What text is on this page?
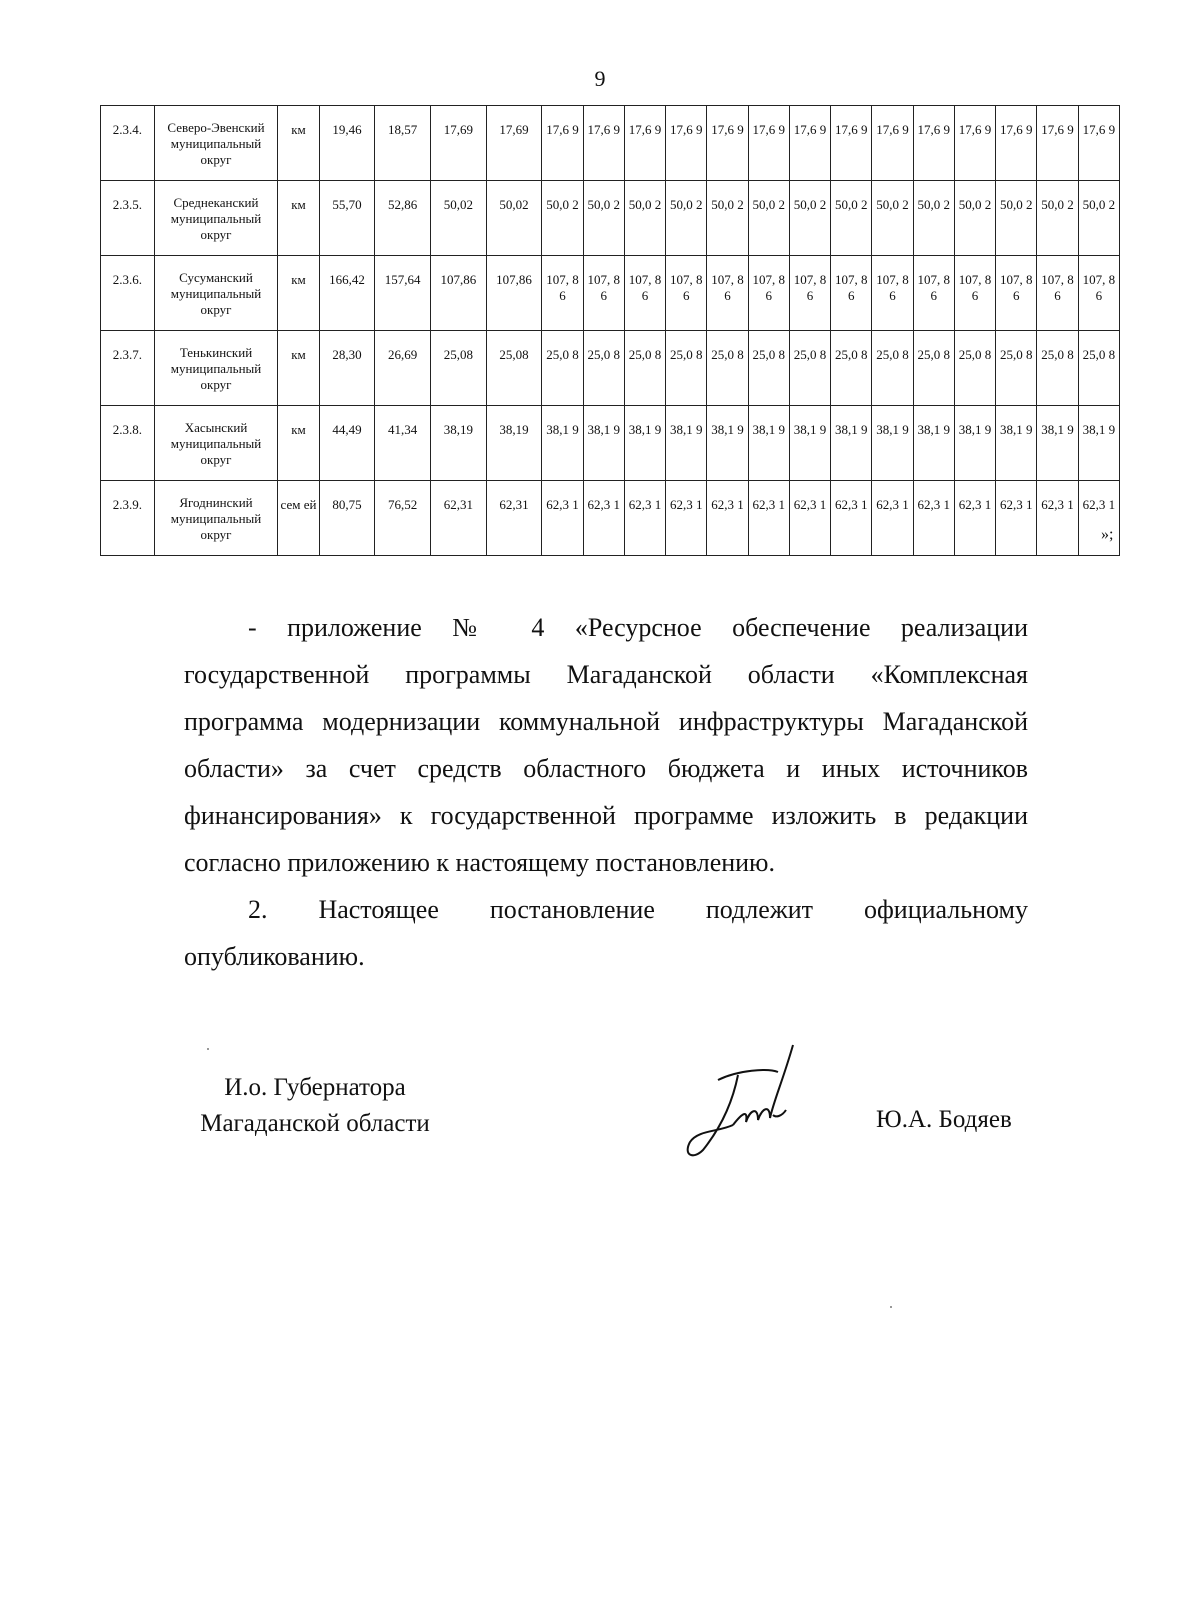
9
2.3.4.	Северо-Эвенский муниципальный округ	км	19,46	18,57	17,69	17,69	17,6 9	17,6 9	17,6 9	17,6 9	17,6 9	17,6 9	17,6 9	17,6 9	17,6 9	17,6 9	17,6 9	17,6 9	17,6 9	17,6 9
2.3.5.	Среднеканский муниципальный округ	км	55,70	52,86	50,02	50,02	50,0 2	50,0 2	50,0 2	50,0 2	50,0 2	50,0 2	50,0 2	50,0 2	50,0 2	50,0 2	50,0 2	50,0 2	50,0 2	50,0 2
2.3.6.	Сусуманский муниципальный округ	км	166,42	157,64	107,86	107,86	107, 86	107, 86	107, 86	107, 86	107, 86	107, 86	107, 86	107, 86	107, 86	107, 86	107, 86	107, 86	107, 86	107, 86
2.3.7.	Тенькинский муниципальный округ	км	28,30	26,69	25,08	25,08	25,0 8	25,0 8	25,0 8	25,0 8	25,0 8	25,0 8	25,0 8	25,0 8	25,0 8	25,0 8	25,0 8	25,0 8	25,0 8	25,0 8
2.3.8.	Хасынский муниципальный округ	км	44,49	41,34	38,19	38,19	38,1 9	38,1 9	38,1 9	38,1 9	38,1 9	38,1 9	38,1 9	38,1 9	38,1 9	38,1 9	38,1 9	38,1 9	38,1 9	38,1 9
2.3.9.	Ягоднинский муниципальный округ	сем ей	80,75	76,52	62,31	62,31	62,3 1	62,3 1	62,3 1	62,3 1	62,3 1	62,3 1	62,3 1	62,3 1	62,3 1	62,3 1	62,3 1	62,3 1	62,3 1	62,3 1
»;
- приложение № 4 «Ресурсное обеспечение реализации государственной программы Магаданской области «Комплексная программа модернизации коммунальной инфраструктуры Магаданской области» за счет средств областного бюджета и иных источников финансирования» к государственной программе изложить в редакции
согласно приложению к настоящему постановлению.
2. Настоящее постановление подлежит официальному
опубликованию.
И.о. Губернатора
Магаданской области	Ю.А. Бодяев
